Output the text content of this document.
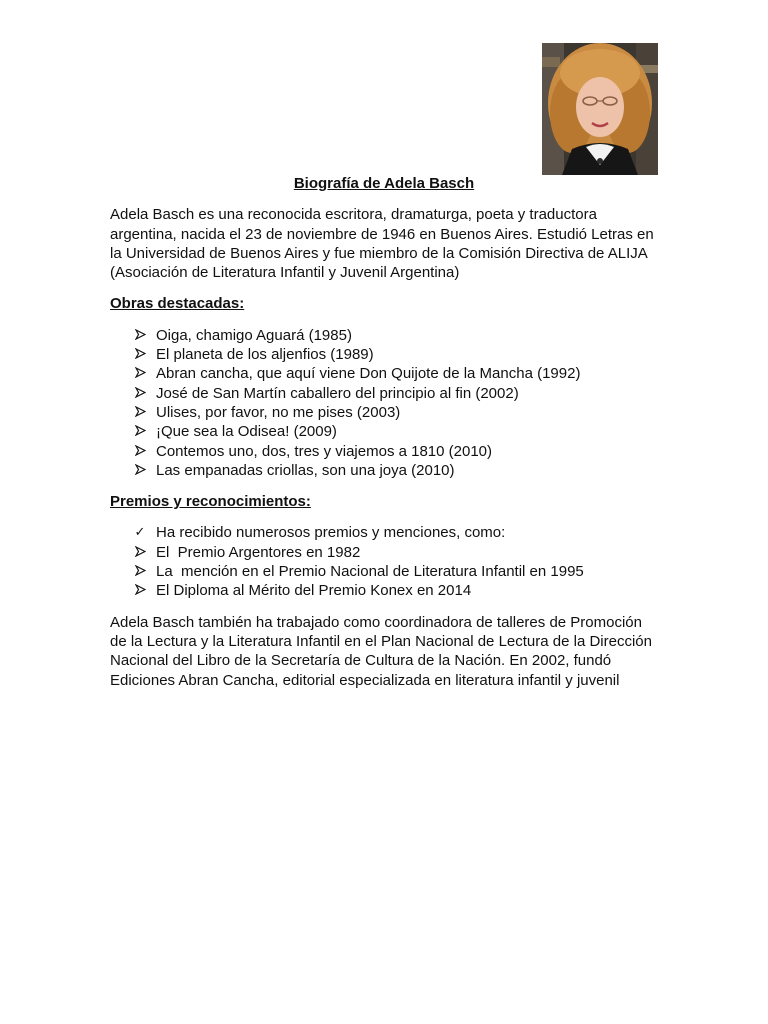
Biografía de Adela Basch

Adela Basch es una reconocida escritora, dramaturga, poeta y traductora argentina, nacida el 23 de noviembre de 1946 en Buenos Aires. Estudió Letras en la Universidad de Buenos Aires y fue miembro de la Comisión Directiva de ALIJA (Asociación de Literatura Infantil y Juvenil Argentina)

Obras destacadas:

Oiga, chamigo Aguará (1985)
El planeta de los aljenfios (1989)
Abran cancha, que aquí viene Don Quijote de la Mancha (1992)
José de San Martín caballero del principio al fin (2002)
Ulises, por favor, no me pises (2003)
¡Que sea la Odisea! (2009)
Contemos uno, dos, tres y viajemos a 1810 (2010)
Las empanadas criollas, son una joya (2010)

Premios y reconocimientos:

✓ Ha recibido numerosos premios y menciones, como:
El  Premio Argentores en 1982
La  mención en el Premio Nacional de Literatura Infantil en 1995
El Diploma al Mérito del Premio Konex en 2014

Adela Basch también ha trabajado como coordinadora de talleres de Promoción de la Lectura y la Literatura Infantil en el Plan Nacional de Lectura de la Dirección Nacional del Libro de la Secretaría de Cultura de la Nación. En 2002, fundó Ediciones Abran Cancha, editorial especializada en literatura infantil y juvenil
